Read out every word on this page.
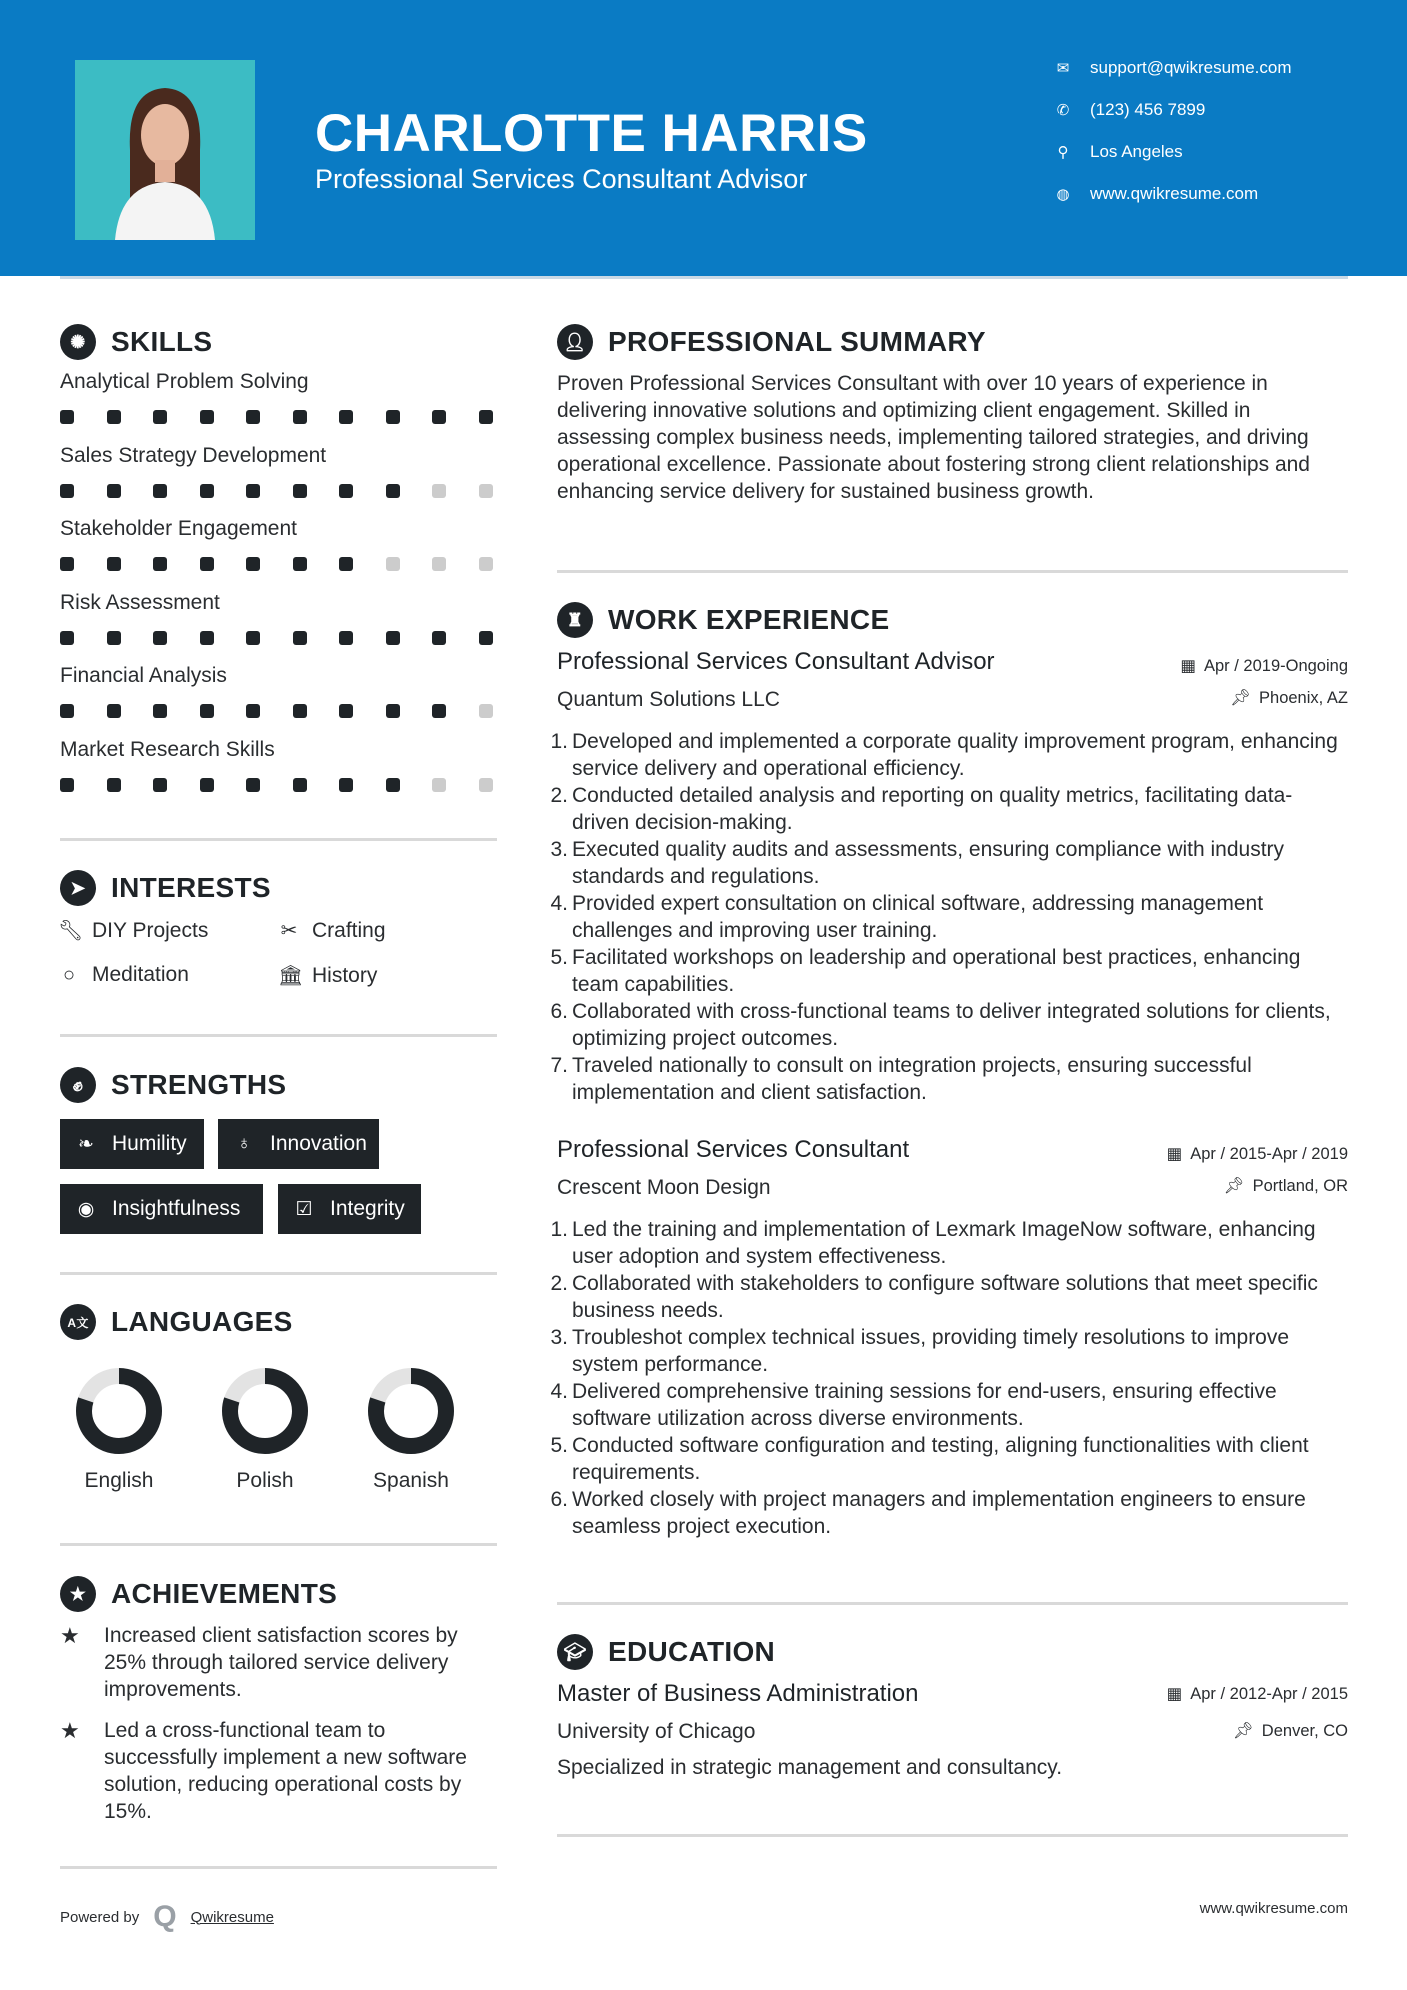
CHARLOTTE HARRIS
Professional Services Consultant Advisor
✉ support@qwikresume.com
✆ (123) 456 7899
⚲ Los Angeles
◍ www.qwikresume.com
✺ SKILLS
Analytical Problem Solving
Sales Strategy Development
Stakeholder Engagement
Risk Assessment
Financial Analysis
Market Research Skills
➤ INTERESTS
🔧︎ DIY Projects	✂ Crafting
○ Meditation	🏛︎ History
✊︎ STRENGTHS
❧ Humility	♁ Innovation
◉ Insightfulness	☑ Integrity
A文 LANGUAGES
English	Polish	Spanish
★ ACHIEVEMENTS
★	Increased client satisfaction scores by 25% through tailored service delivery improvements.
★	Led a cross-functional team to successfully implement a new software solution, reducing operational costs by 15%.
👤︎ PROFESSIONAL SUMMARY
Proven Professional Services Consultant with over 10 years of experience in delivering innovative solutions and optimizing client engagement. Skilled in assessing complex business needs, implementing tailored strategies, and driving operational excellence. Passionate about fostering strong client relationships and enhancing service delivery for sustained business growth.
♜ WORK EXPERIENCE
Professional Services Consultant Advisor	▦ Apr / 2019-Ongoing
Quantum Solutions LLC	📌︎ Phoenix, AZ
1. Developed and implemented a corporate quality improvement program, enhancing service delivery and operational efficiency.
2. Conducted detailed analysis and reporting on quality metrics, facilitating data-driven decision-making.
3. Executed quality audits and assessments, ensuring compliance with industry standards and regulations.
4. Provided expert consultation on clinical software, addressing management challenges and improving user training.
5. Facilitated workshops on leadership and operational best practices, enhancing team capabilities.
6. Collaborated with cross-functional teams to deliver integrated solutions for clients, optimizing project outcomes.
7. Traveled nationally to consult on integration projects, ensuring successful implementation and client satisfaction.
Professional Services Consultant	▦ Apr / 2015-Apr / 2019
Crescent Moon Design	📌︎ Portland, OR
1. Led the training and implementation of Lexmark ImageNow software, enhancing user adoption and system effectiveness.
2. Collaborated with stakeholders to configure software solutions that meet specific business needs.
3. Troubleshot complex technical issues, providing timely resolutions to improve system performance.
4. Delivered comprehensive training sessions for end-users, ensuring effective software utilization across diverse environments.
5. Conducted software configuration and testing, aligning functionalities with client requirements.
6. Worked closely with project managers and implementation engineers to ensure seamless project execution.
🎓︎ EDUCATION
Master of Business Administration	▦ Apr / 2012-Apr / 2015
University of Chicago	📌︎ Denver, CO
Specialized in strategic management and consultancy.
Powered by Q Qwikresume	www.qwikresume.com
